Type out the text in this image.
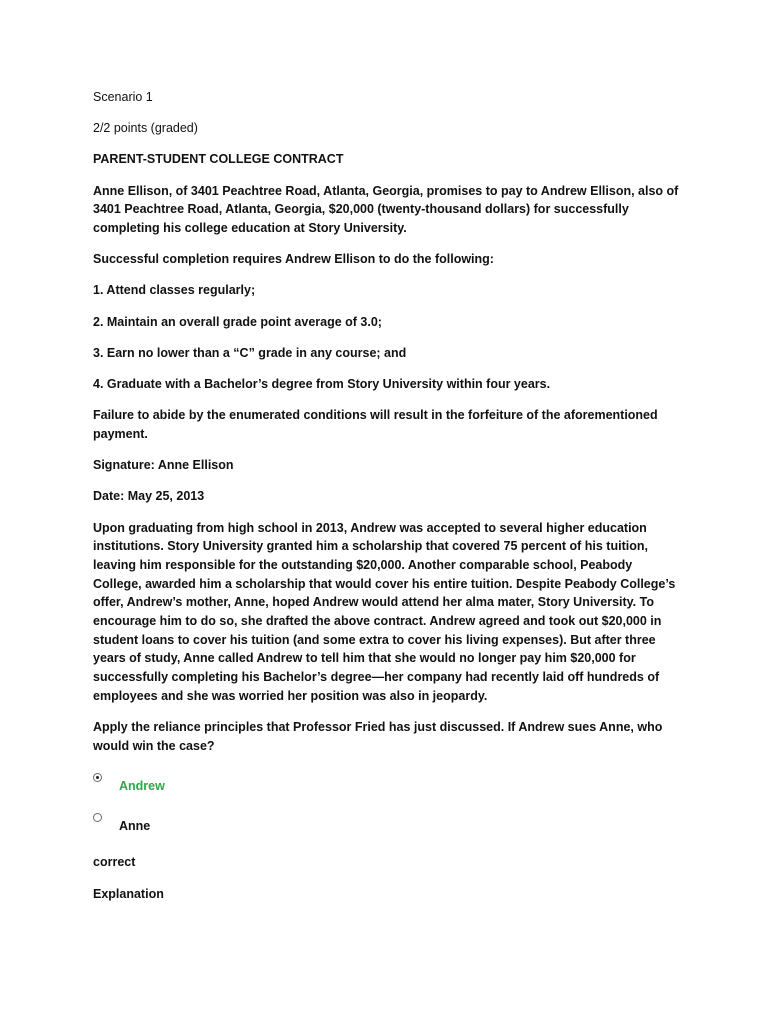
Scenario 1

2/2 points (graded)

PARENT-STUDENT COLLEGE CONTRACT

Anne Ellison, of 3401 Peachtree Road, Atlanta, Georgia, promises to pay to Andrew Ellison, also of 3401 Peachtree Road, Atlanta, Georgia, $20,000 (twenty-thousand dollars) for successfully completing his college education at Story University.

Successful completion requires Andrew Ellison to do the following:

1. Attend classes regularly;

2. Maintain an overall grade point average of 3.0;

3. Earn no lower than a “C” grade in any course; and

4. Graduate with a Bachelor’s degree from Story University within four years.

Failure to abide by the enumerated conditions will result in the forfeiture of the aforementioned payment.

Signature: Anne Ellison

Date: May 25, 2013

Upon graduating from high school in 2013, Andrew was accepted to several higher education institutions. Story University granted him a scholarship that covered 75 percent of his tuition, leaving him responsible for the outstanding $20,000. Another comparable school, Peabody College, awarded him a scholarship that would cover his entire tuition. Despite Peabody College’s offer, Andrew’s mother, Anne, hoped Andrew would attend her alma mater, Story University. To encourage him to do so, she drafted the above contract. Andrew agreed and took out $20,000 in student loans to cover his tuition (and some extra to cover his living expenses). But after three years of study, Anne called Andrew to tell him that she would no longer pay him $20,000 for successfully completing his Bachelor’s degree—her company had recently laid off hundreds of employees and she was worried her position was also in jeopardy.

Apply the reliance principles that Professor Fried has just discussed. If Andrew sues Anne, who would win the case?

Andrew
Anne

correct

Explanation
